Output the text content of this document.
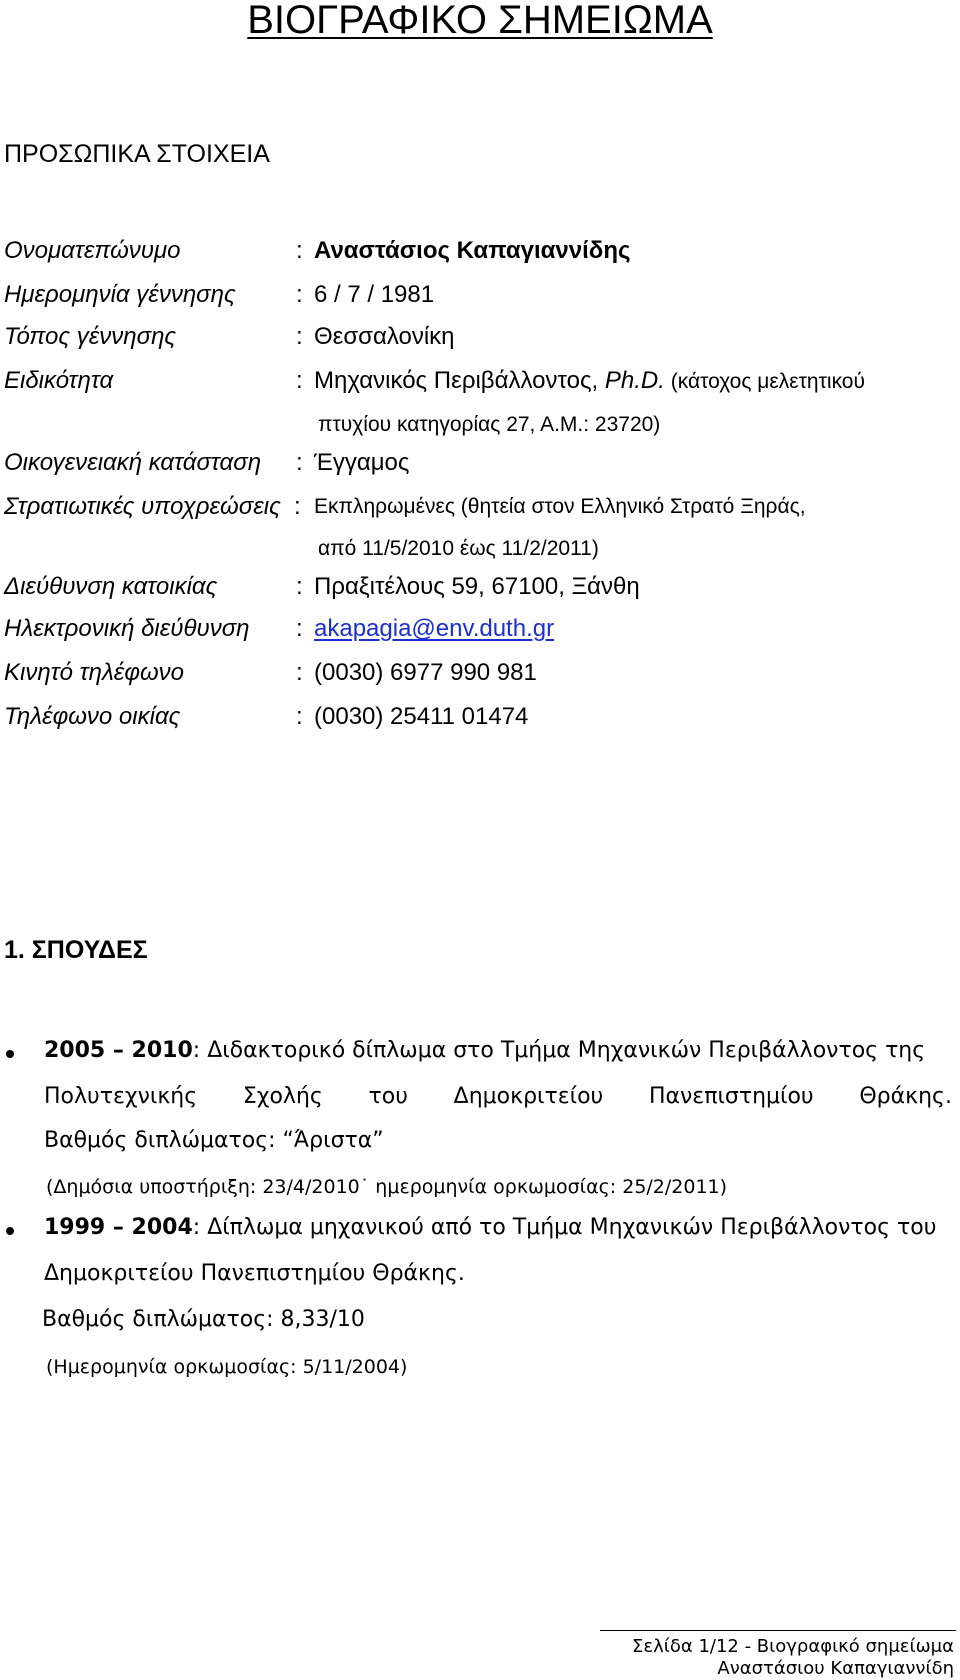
ΒΙΟΓΡΑΦΙΚΟ ΣΗΜΕΙΩΜΑ
ΠΡΟΣΩΠΙΚΑ ΣΤΟΙΧΕΙΑ
Ονοματεπώνυμο	: Αναστάσιος Καπαγιαννίδης
Ημερομηνία γέννησης	: 6 / 7 / 1981
Τόπος γέννησης	: Θεσσαλονίκη
Ειδικότητα	: Μηχανικός Περιβάλλοντος, Ph.D. (κάτοχος μελετητικού
πτυχίου κατηγορίας 27, Α.Μ.: 23720)
Οικογενειακή κατάσταση : Έγγαμος
Στρατιωτικές υποχρεώσεις : Εκπληρωμένες (θητεία στον Ελληνικό Στρατό Ξηράς,
από 11/5/2010 έως 11/2/2011)
Διεύθυνση κατοικίας	: Πραξιτέλους 59, 67100, Ξάνθη
Ηλεκτρονική διεύθυνση : akapagia@env.duth.gr
Κινητό τηλέφωνο	: (0030) 6977 990 981
Τηλέφωνο οικίας	: (0030) 25411 01474
1. ΣΠΟΥΔΕΣ
2005 – 2010: Διδακτορικό δίπλωμα στο Τμήμα Μηχανικών Περιβάλλοντος της
Πολυτεχνικής Σχολής του Δημοκριτείου Πανεπιστημίου Θράκης.
Βαθμός διπλώματος: “Άριστα”
(Δημόσια υποστήριξη: 23/4/2010˙ ημερομηνία ορκωμοσίας: 25/2/2011)
1999 – 2004: Δίπλωμα μηχανικού από το Τμήμα Μηχανικών Περιβάλλοντος του
Δημοκριτείου Πανεπιστημίου Θράκης.
Βαθμός διπλώματος: 8,33/10
(Ημερομηνία ορκωμοσίας: 5/11/2004)
Σελίδα 1/12 - Βιογραφικό σημείωμα
Αναστάσιου Καπαγιαννίδη
